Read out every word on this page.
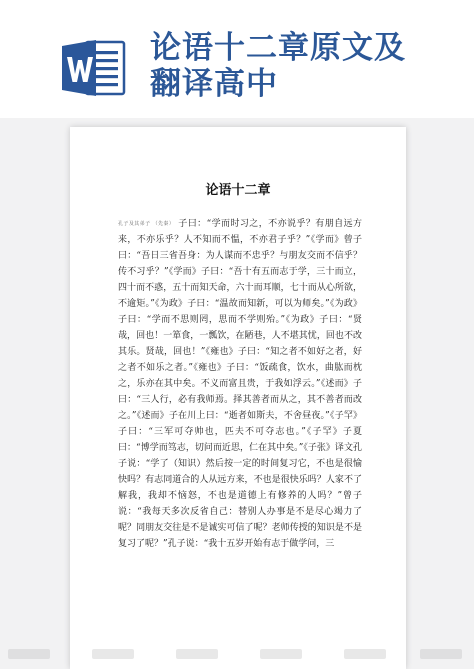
论语十二章原文及
翻译高中
论语十二章
孔子及其弟子 （先秦） 子曰：“学而时习之，不亦说乎？有朋自远方来，不亦乐乎？人不知而不愠，不亦君子乎？”《学而》曾子曰：“吾日三省吾身：为人谋而不忠乎？与朋友交而不信乎？传不习乎？”《学而》子曰：“吾十有五而志于学，三十而立，四十而不惑，五十而知天命，六十而耳顺，七十而从心所欲，不逾矩。”《为政》子曰：“温故而知新，可以为师矣。”《为政》子曰：“学而不思则罔，思而不学则殆。”《为政》子曰：“贤哉，回也！一箪食，一瓢饮，在陋巷，人不堪其忧，回也不改其乐。贤哉，回也！”《雍也》子曰：“知之者不如好之者，好之者不如乐之者。”《雍也》子曰：“饭疏食，饮水，曲肱而枕之，乐亦在其中矣。不义而富且贵，于我如浮云。”《述而》子曰：“三人行，必有我师焉。择其善者而从之，其不善者而改之。”《述而》子在川上曰：“逝者如斯夫，不舍昼夜。”《子罕》子曰：“三军可夺帅也，匹夫不可夺志也。”《子罕》子夏曰：“博学而笃志，切问而近思，仁在其中矣。”《子张》译文孔子说：“学了（知识）然后按一定的时间复习它，不也是很愉快吗？有志同道合的人从远方来，不也是很快乐吗？人家不了解我，我却不恼怒，不也是道德上有修养的人吗？”曾子说：“我每天多次反省自己：替别人办事是不是尽心竭力了呢？同朋友交往是不是诚实可信了呢？老师传授的知识是不是复习了呢？”孔子说：“我十五岁开始有志于做学问，三
